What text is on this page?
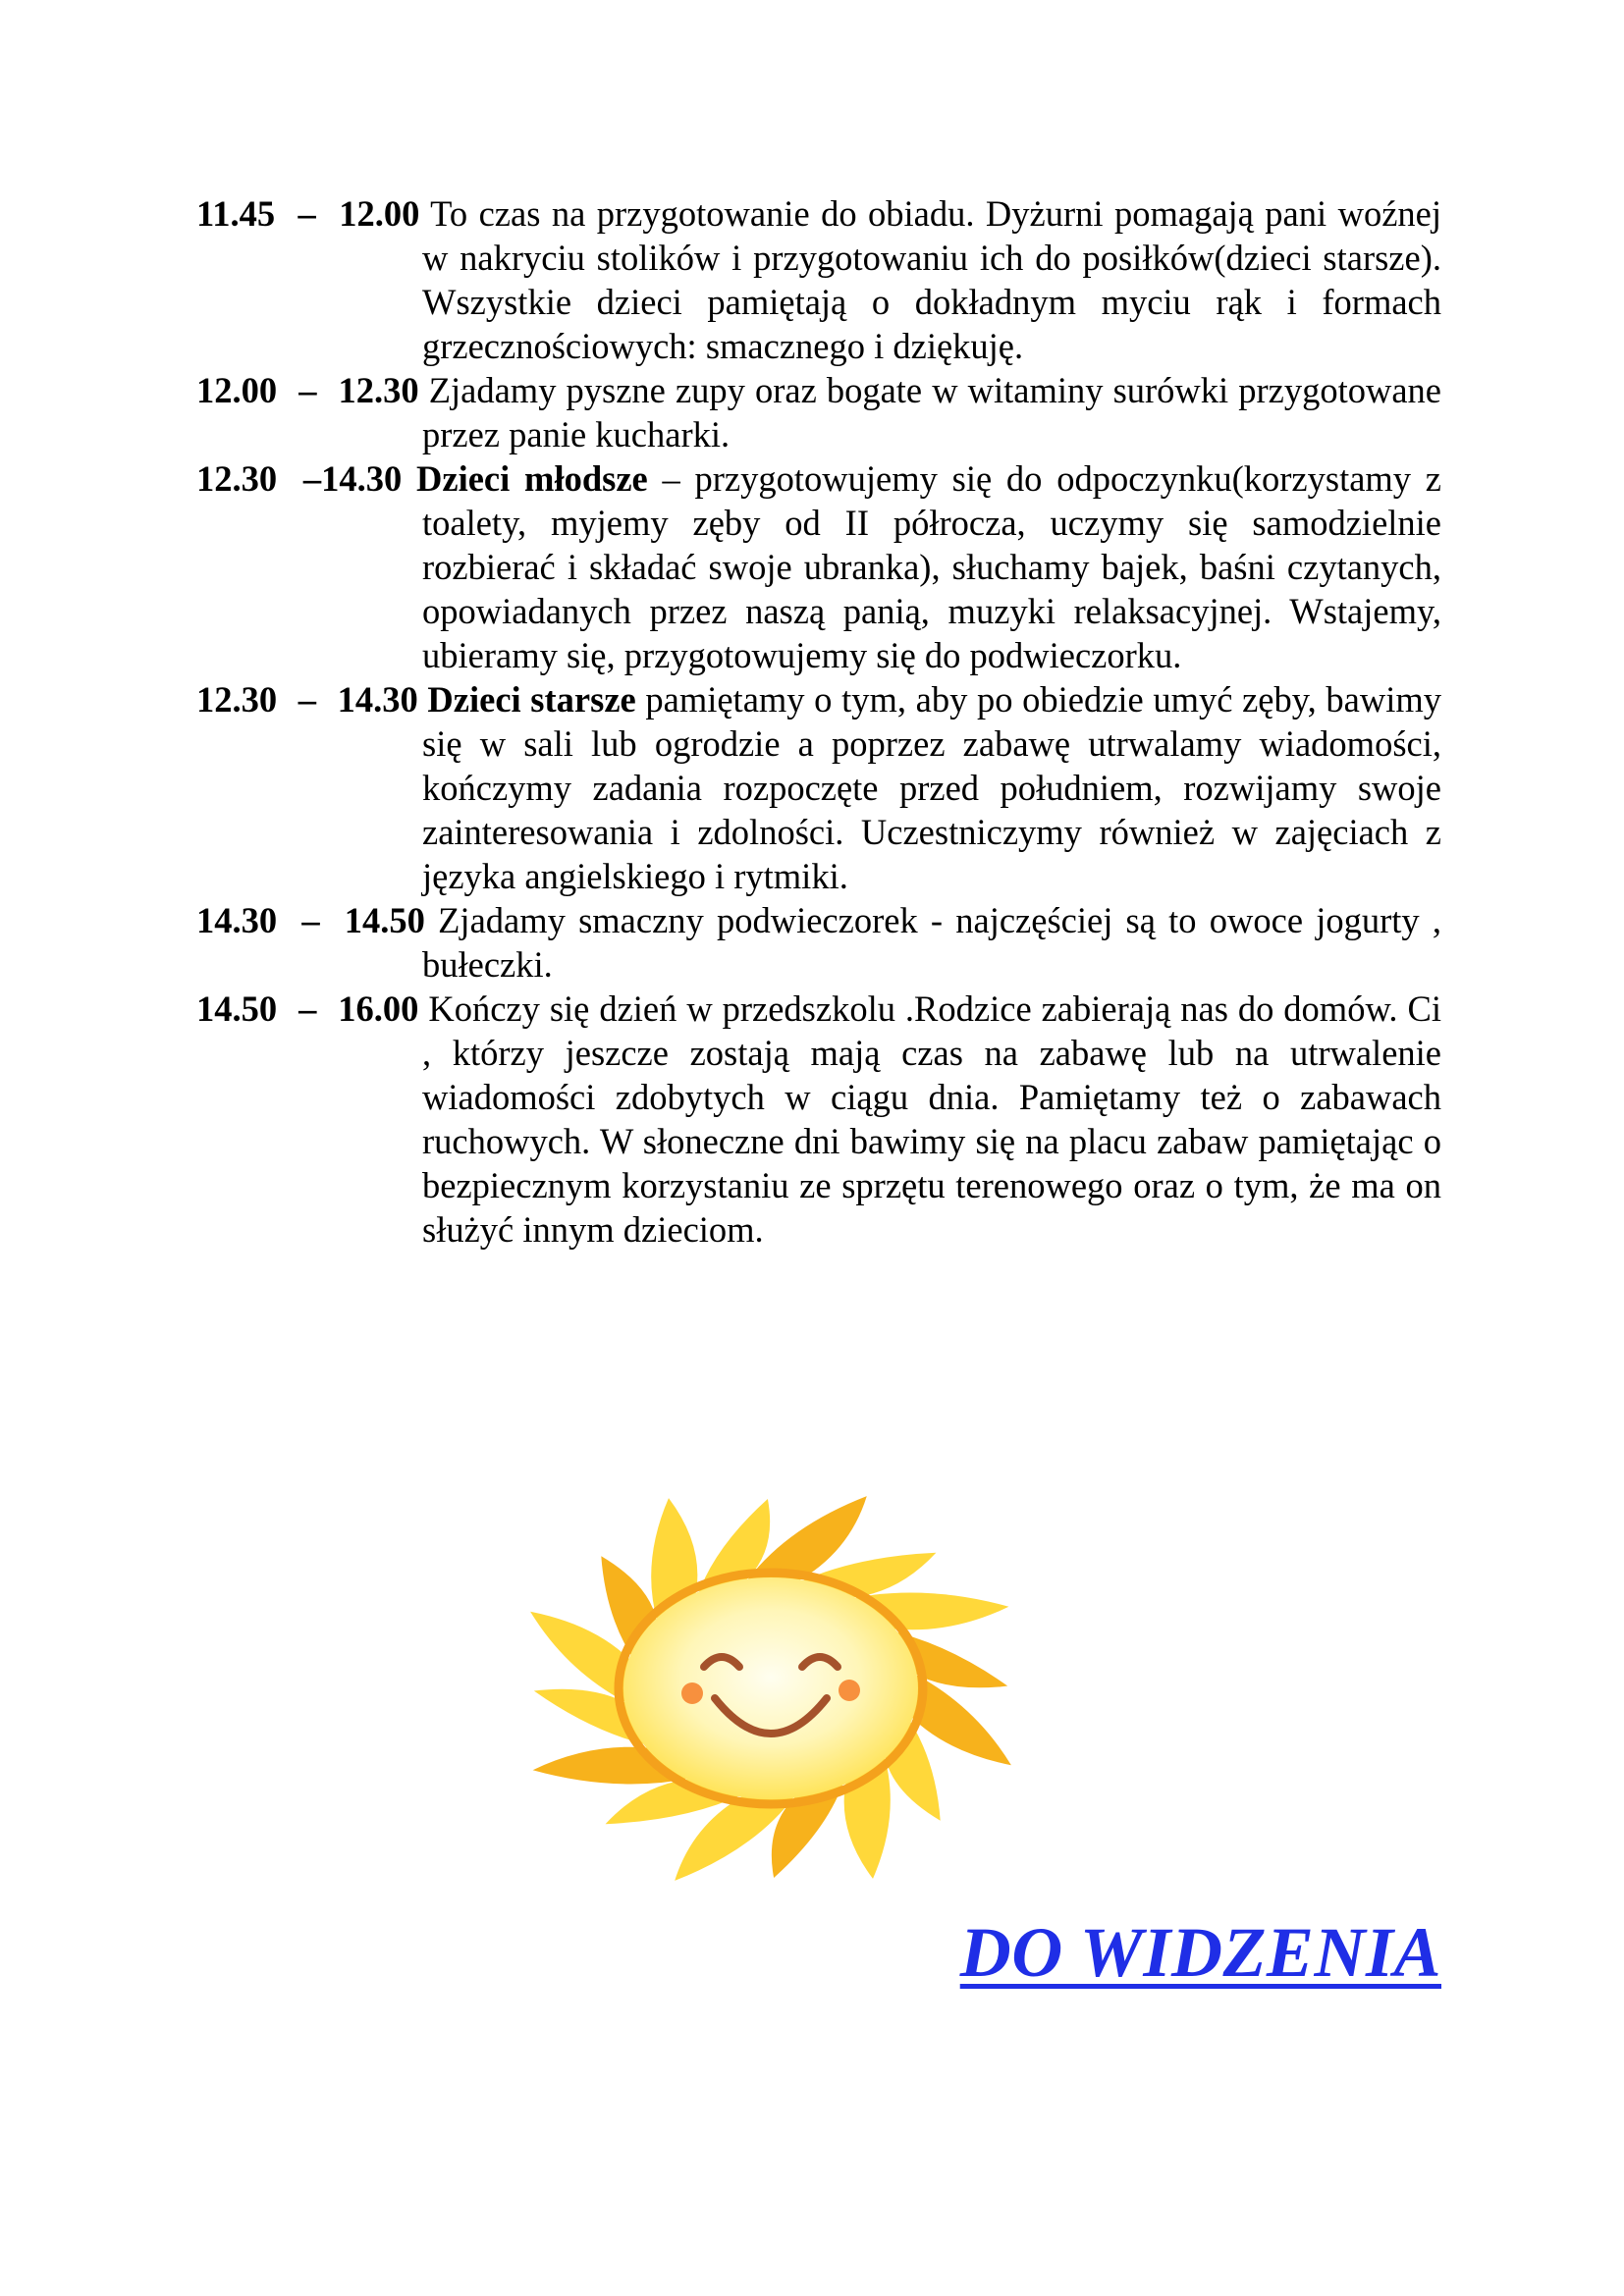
11.45 – 12.00 To czas na przygotowanie do obiadu. Dyżurni pomagają pani woźnej w nakryciu stolików i przygotowaniu ich do posiłków(dzieci starsze). Wszystkie dzieci pamiętają o dokładnym myciu rąk i formach grzecznościowych: smacznego i dziękuję.
12.00 – 12.30 Zjadamy pyszne zupy oraz bogate w witaminy surówki przygotowane przez panie kucharki.
12.30 –14.30 Dzieci młodsze – przygotowujemy się do odpoczynku(korzystamy z toalety, myjemy zęby od II półrocza, uczymy się samodzielnie rozbierać i składać swoje ubranka), słuchamy bajek, baśni czytanych, opowiadanych przez naszą panią, muzyki relaksacyjnej. Wstajemy, ubieramy się, przygotowujemy się do podwieczorku.
12.30 – 14.30 Dzieci starsze pamiętamy o tym, aby po obiedzie umyć zęby, bawimy się w sali lub ogrodzie a poprzez zabawę utrwalamy wiadomości, kończymy zadania rozpoczęte przed południem, rozwijamy swoje zainteresowania i zdolności. Uczestniczymy również w zajęciach z języka angielskiego i rytmiki.
14.30 – 14.50 Zjadamy smaczny podwieczorek - najczęściej są to owoce jogurty , bułeczki.
14.50 – 16.00 Kończy się dzień w przedszkolu .Rodzice zabierają nas do domów. Ci , którzy jeszcze zostają mają czas na zabawę lub na utrwalenie wiadomości zdobytych w ciągu dnia. Pamiętamy też o zabawach ruchowych. W słoneczne dni bawimy się na placu zabaw pamiętając o bezpiecznym korzystaniu ze sprzętu terenowego oraz o tym, że ma on służyć innym dzieciom.

DO WIDZENIA
